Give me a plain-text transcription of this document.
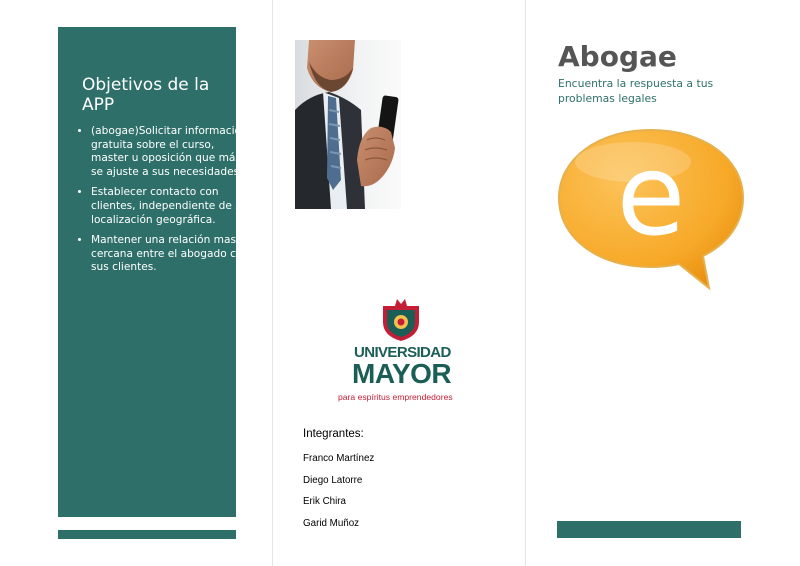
Objetivos de la APP
• (abogae)Solicitar información gratuita sobre el curso, master u oposición que más se ajuste a sus necesidades.
• Establecer contacto con clientes, independiente de su localización geográfica.
• Mantener una relación mas cercana entre el abogado con sus clientes.
UNIVERSIDAD
MAYOR
para espíritus emprendedores
Integrantes:
Franco Martínez
Diego Latorre
Erik Chira
Garid Muñoz
Abogae
Encuentra la respuesta a tus problemas legales
e
